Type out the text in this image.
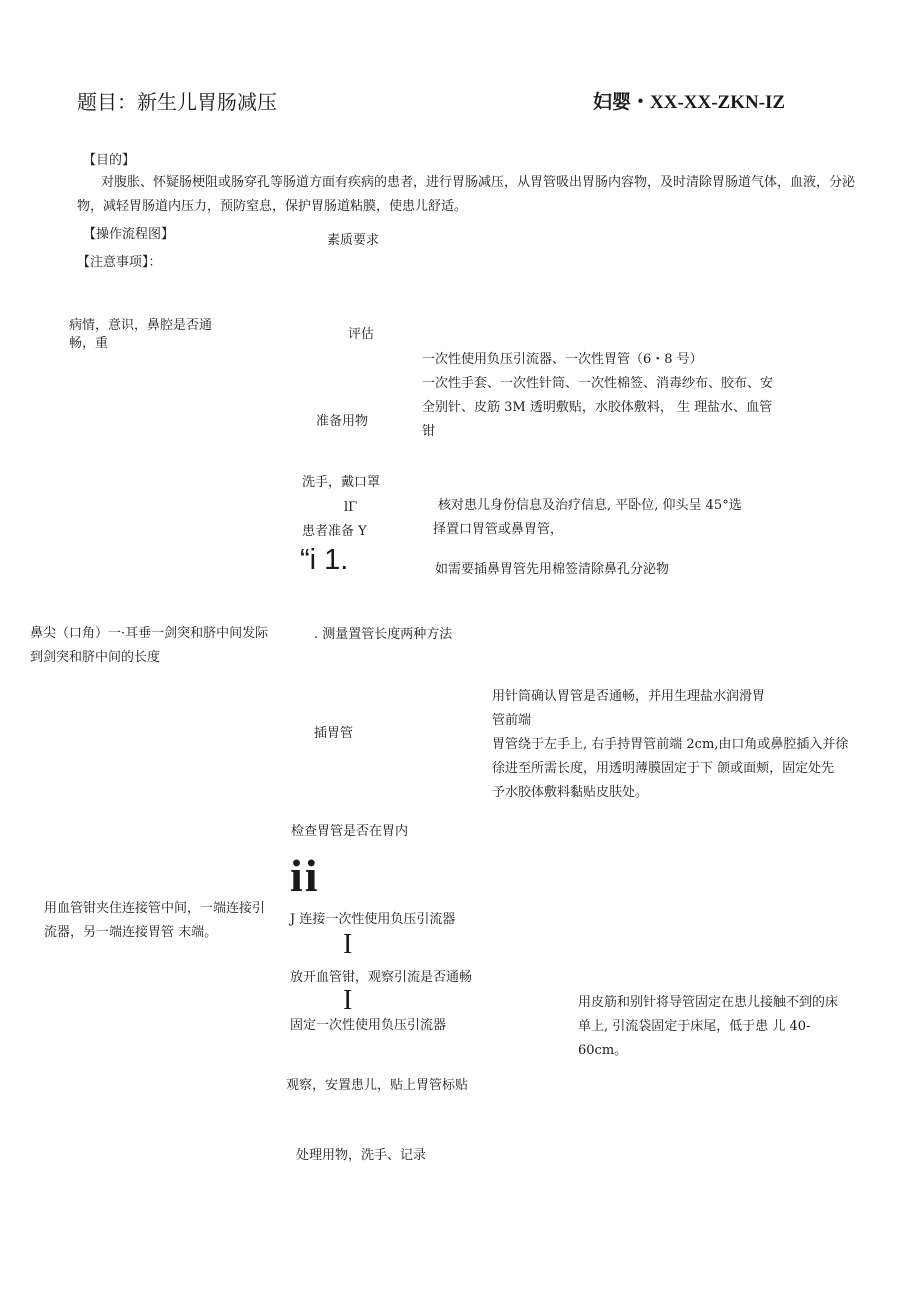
题目：新生儿胃肠减压	妇婴・XX-XX-ZKN-IZ
【目的】
对腹胀、怀疑肠梗阻或肠穿孔等肠道方面有疾病的患者，进行胃肠减压，从胃管吸出胃肠内容物，及时清除胃肠道气体，血液，分泌物，减轻胃肠道内压力，预防窒息，保护胃肠道粘膜，使患儿舒适。
【操作流程图】
【注意事项】：
素质要求
评估
准备用物
洗手，戴口罩
lΓ
患者准备 Y
“i 1.
. 测量置管长度两种方法
插胃管
检查胃管是否在胃内
ii
J 连接一次性使用负压引流器
I
放开血管钳，观察引流是否通畅
I
固定一次性使用负压引流器
观察，安置患儿，贴上胃管标贴
处理用物，洗手、记录
病情，意识，鼻腔是否通畅，重
鼻尖（口角）一·耳垂一剑突和脐中间发际到剑突和脐中间的长度
用血管钳夹住连接管中间，一端连接引流器，另一端连接胃管 末端。
一次性使用负压引流器、一次性胃管（6・8 号）
一次性手套、一次性针筒、一次性棉签、消毒纱布、胶布、安
全别针、皮筋 3M 透明敷贴，水胶体敷料， 生 理盐水、血管
钳
核对患儿身份信息及治疗信息, 平卧位, 仰头呈 45°选
择置口胃管或鼻胃管，
如需要插鼻胃管先用棉签清除鼻孔分泌物
用针筒确认胃管是否通畅，并用生理盐水润滑胃
管前端
胃管绕于左手上, 右手持胃管前端 2cm,由口角或鼻腔插入并徐
徐进至所需长度，用透明薄膜固定于下 颌或面颊，固定处先
予水胶体敷料黏贴皮肤处。
用皮筋和别针将导管固定在患儿接触不到的床
单上, 引流袋固定于床尾，低于患 儿 40-
60cm。
